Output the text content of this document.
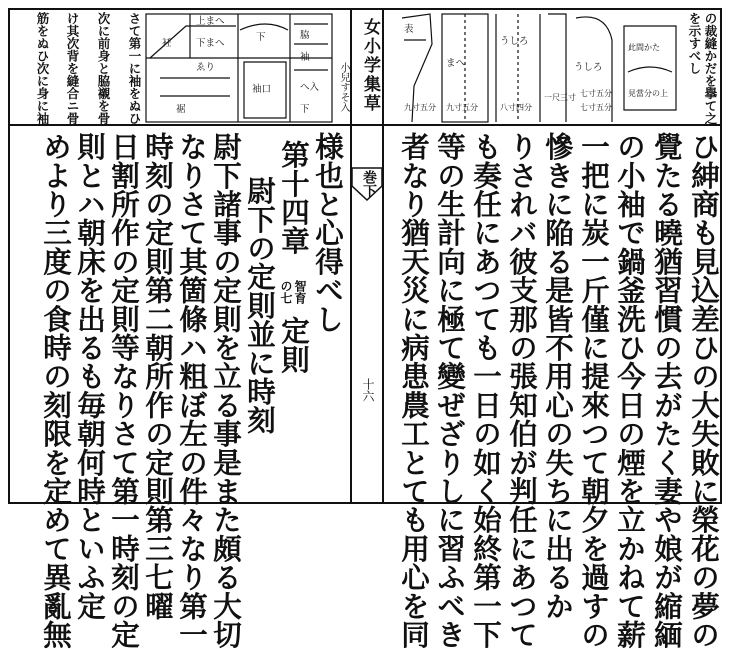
女小学集草
小兒すそ入
巻下
十六
の裁縫かだを擧て之
を示すべし
さて第一に袖をぬひ
次に前身と脇襯を骨
け其次背を縫合ニ骨
筋をぬひ次に身に袖	上まへ
下まへ
衽
ゑり
脇
袖
下
裾
袖口	へ入
下
表
まへ
うしろ
うしろ
九寸五分 九寸五分	八寸四分
一尺三寸
七寸五分
七寸五分
此間かた
見當分の上
ひ紳商も見込差ひの大失敗に榮花の夢の
覺たる曉猶習慣の去がたく妻や娘が縮緬
の小袖で鍋釜洗ひ今日の煙を立かねて薪
一把に炭一斤僅に提來つて朝夕を過すの
慘きに陥る是皆不用心の失ちに出るか
りされバ彼支那の張知伯が判任にあつて
も奏任にあつても一日の如く始終第一下
等の生計向に極て變ぜざりしに習ふべき
者なり猶天災に病患農工とても用心を同
様也と心得べし
第十四章
智育
の七
定則
尉下の定則並に時刻
尉下諸事の定則を立る事是また頗る大切
なりさて其箇條ハ粗ぼ左の件々なり第一
時刻の定則第二朝所作の定則第三七曜
日割所作の定則等なりさて第一時刻の定
則とハ朝床を出るも毎朝何時といふ定
めより三度の食時の刻限を定めて異亂無
